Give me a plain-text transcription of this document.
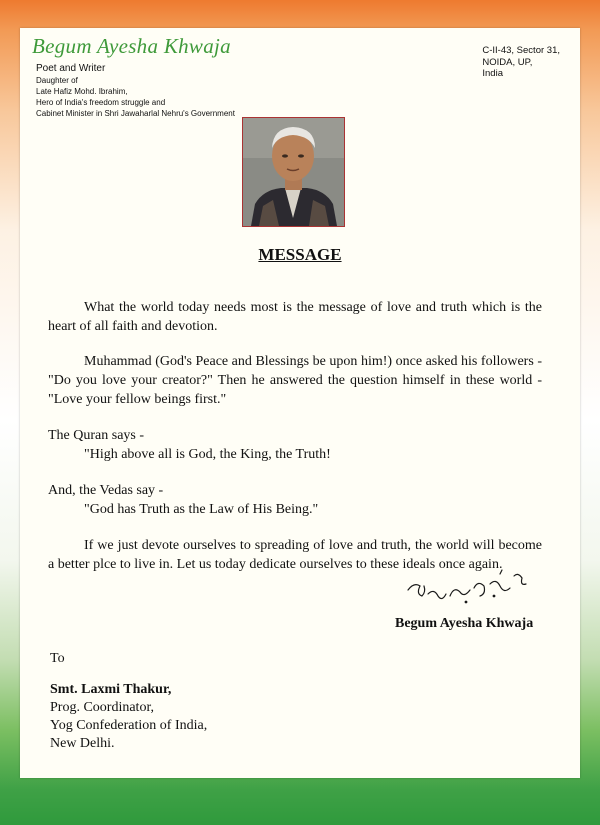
Begum Ayesha Khwaja
Poet and Writer
Daughter of
Late Hafiz Mohd. Ibrahim,
Hero of India's freedom struggle and
Cabinet Minister in Shri Jawaharlal Nehru's Government
C-II-43, Sector 31,
NOIDA, UP,
India
MESSAGE

What the world today needs most is the message of love and truth which is the heart of all faith and devotion.

Muhammad (God's Peace and Blessings be upon him!) once asked his followers - "Do you love your creator?" Then he answered the question himself in these world - "Love your fellow beings first."

The Quran says -

"High above all is God, the King, the Truth!

And, the Vedas say -

"God has Truth as the Law of His Being."

If we just devote ourselves to spreading of love and truth, the world will become a better plce to live in. Let us today dedicate ourselves to these ideals once again.

Begum Ayesha Khwaja
To
Smt. Laxmi Thakur,
Prog. Coordinator,
Yog Confederation of India,
New Delhi.
